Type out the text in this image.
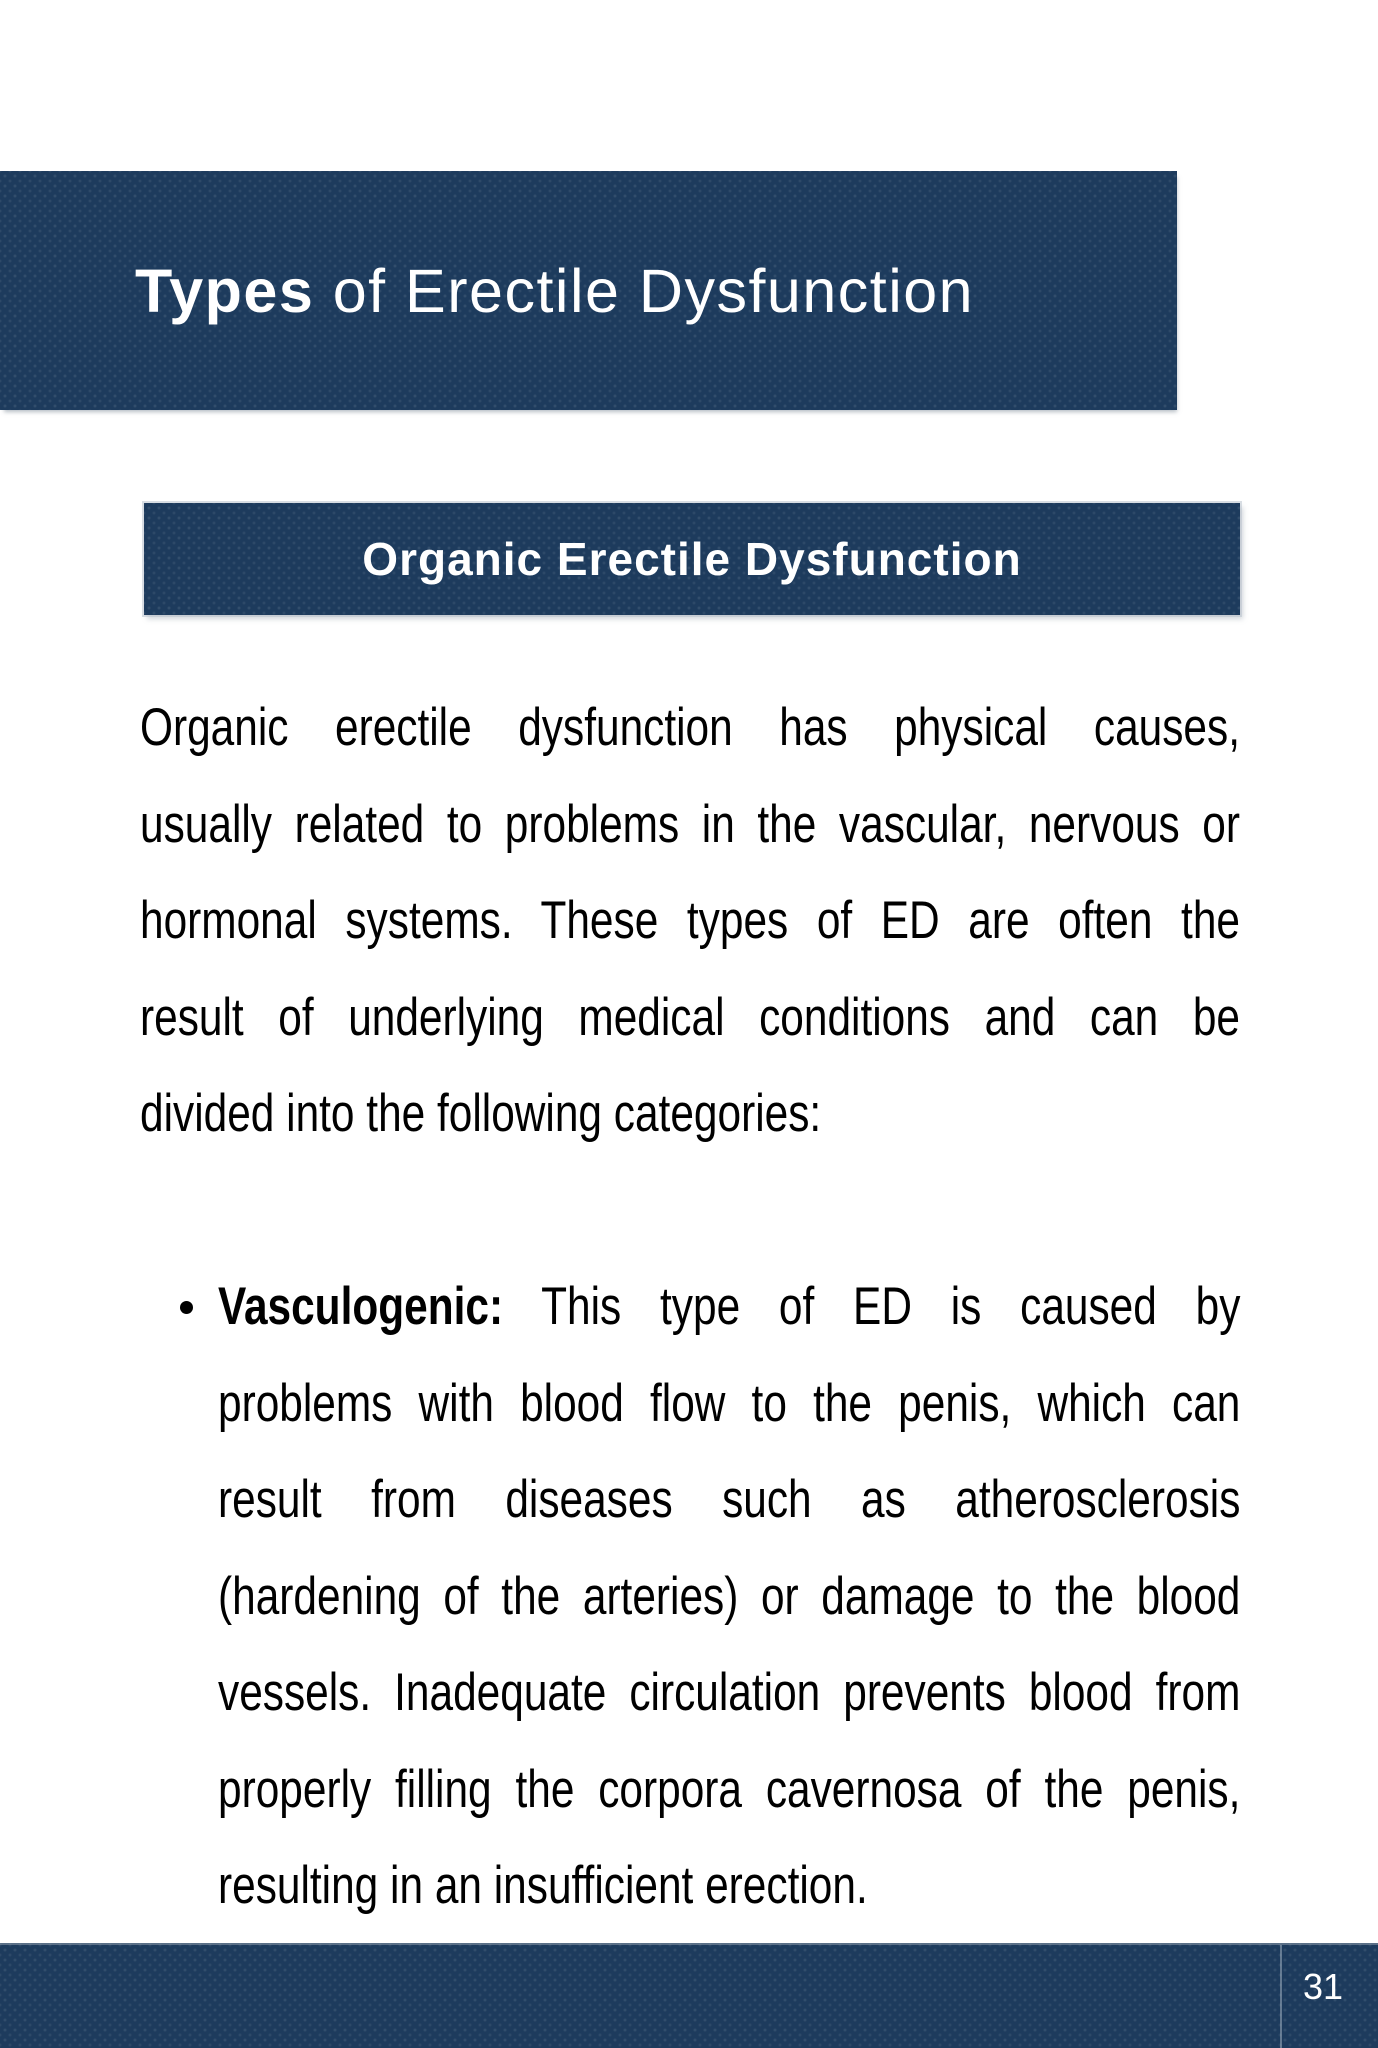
Types of Erectile Dysfunction
Organic Erectile Dysfunction
Organic erectile dysfunction has physical causes,
usually related to problems in the vascular, nervous or
hormonal systems. These types of ED are often the
result of underlying medical conditions and can be
divided into the following categories:
Vasculogenic: This type of ED is caused by
problems with blood flow to the penis, which can
result from diseases such as atherosclerosis
(hardening of the arteries) or damage to the blood
vessels. Inadequate circulation prevents blood from
properly filling the corpora cavernosa of the penis,
resulting in an insufficient erection.
31
